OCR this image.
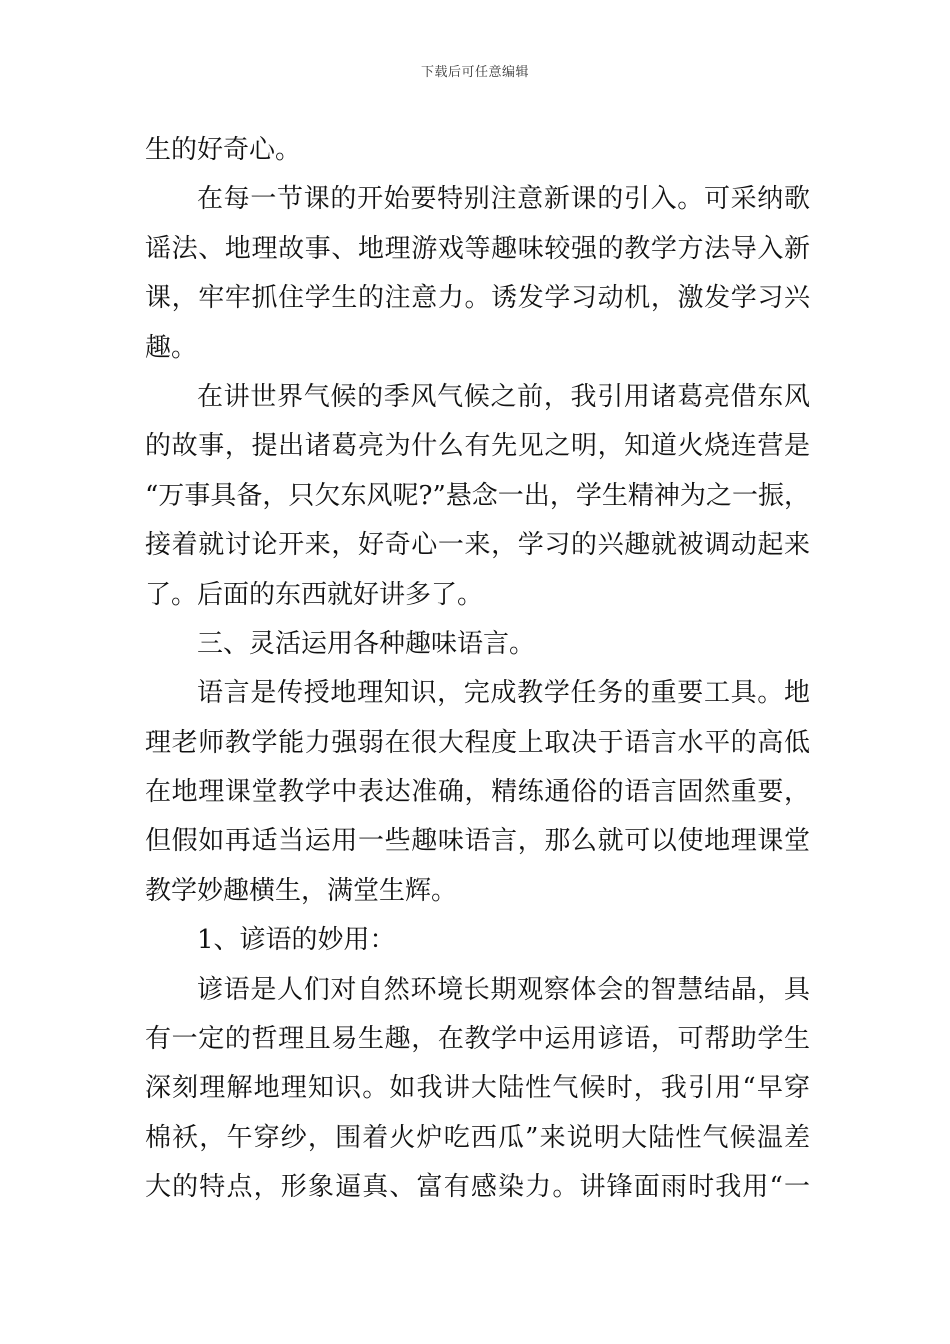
下载后可任意编辑
生的好奇心。
在每一节课的开始要特别注意新课的引入。可采纳歌
谣法、地理故事、地理游戏等趣味较强的教学方法导入新
课，牢牢抓住学生的注意力。诱发学习动机，激发学习兴
趣。
在讲世界气候的季风气候之前，我引用诸葛亮借东风
的故事，提出诸葛亮为什么有先见之明，知道火烧连营是
“万事具备，只欠东风呢?”悬念一出，学生精神为之一振，
接着就讨论开来，好奇心一来，学习的兴趣就被调动起来
了。后面的东西就好讲多了。
三、灵活运用各种趣味语言。
语言是传授地理知识，完成教学任务的重要工具。地
理老师教学能力强弱在很大程度上取决于语言水平的高低
在地理课堂教学中表达准确，精练通俗的语言固然重要，
但假如再适当运用一些趣味语言，那么就可以使地理课堂
教学妙趣横生，满堂生辉。
1、谚语的妙用：
谚语是人们对自然环境长期观察体会的智慧结晶，具
有一定的哲理且易生趣，在教学中运用谚语，可帮助学生
深刻理解地理知识。如我讲大陆性气候时，我引用“早穿
棉袄，午穿纱，围着火炉吃西瓜”来说明大陆性气候温差
大的特点，形象逼真、富有感染力。讲锋面雨时我用“一
